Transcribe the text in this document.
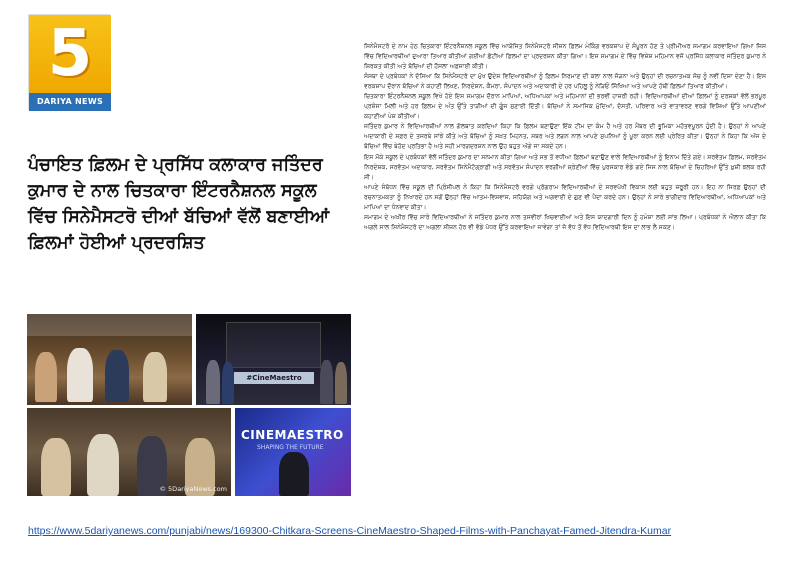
5
DARIYA NEWS
ਪੰਚਾਇਤ ਫ਼ਿਲਮ ਦੇ ਪ੍ਰਸਿੱਧ ਕਲਾਕਾਰ ਜਤਿੰਦਰ ਕੁਮਾਰ ਦੇ ਨਾਲ ਚਿਤਕਾਰਾ ਇੰਟਰਨੈਸ਼ਨਲ ਸਕੂਲ ਵਿੱਚ ਸਿਨੇਮੈਸਟਰੋ ਦੀਆਂ ਬੱਚਿਆਂ ਵੱਲੋਂ ਬਣਾਈਆਂ ਫ਼ਿਲਮਾਂ ਹੋਈਆਂ ਪ੍ਰਦਰਸ਼ਿਤ
#CineMaestro
© 5DariyaNews.com
CINEMAESTRO
SHAPING THE FUTURE

ਸਿਨੇਮੈਸਟਰੋ ਦੇ ਨਾਮ ਹੇਠ ਚਿਤਕਾਰਾ ਇੰਟਰਨੈਸ਼ਨਲ ਸਕੂਲ ਵਿੱਚ ਆਯੋਜਿਤ ਸਿਨੇਮੈਸਟਰੋ ਸੀਜ਼ਨ ਫ਼ਿਲਮ ਮੇਕਿੰਗ ਵਰਕਸ਼ਾਪ ਦੇ ਸੰਪੂਰਨ ਹੋਣ ਤੇ ਪ੍ਰੀਮੀਅਰ ਸਮਾਗਮ ਕਰਵਾਇਆ ਗਿਆ ਜਿਸ ਵਿੱਚ ਵਿਦਿਆਰਥੀਆਂ ਦੁਆਰਾ ਤਿਆਰ ਕੀਤੀਆਂ ਗਈਆਂ ਛੋਟੀਆਂ ਫ਼ਿਲਮਾਂ ਦਾ ਪ੍ਰਦਰਸ਼ਨ ਕੀਤਾ ਗਿਆ। ਇਸ ਸਮਾਗਮ ਦੇ ਵਿੱਚ ਵਿਸ਼ੇਸ਼ ਮਹਿਮਾਨ ਵਜੋਂ ਪ੍ਰਸਿੱਧ ਕਲਾਕਾਰ ਜਤਿੰਦਰ ਕੁਮਾਰ ਨੇ ਸ਼ਿਰਕਤ ਕੀਤੀ ਅਤੇ ਬੱਚਿਆਂ ਦੀ ਹੌਸਲਾ ਅਫ਼ਜ਼ਾਈ ਕੀਤੀ।

ਸੰਸਥਾ ਦੇ ਪ੍ਰਬੰਧਕਾਂ ਨੇ ਦੱਸਿਆ ਕਿ ਸਿਨੇਮੈਸਟਰੋ ਦਾ ਮੁੱਖ ਉਦੇਸ਼ ਵਿਦਿਆਰਥੀਆਂ ਨੂੰ ਫ਼ਿਲਮ ਨਿਰਮਾਣ ਦੀ ਕਲਾ ਨਾਲ ਜੋੜਨਾ ਅਤੇ ਉਨ੍ਹਾਂ ਦੀ ਰਚਨਾਤਮਕ ਸੋਚ ਨੂੰ ਨਵੀਂ ਦਿਸ਼ਾ ਦੇਣਾ ਹੈ। ਇਸ ਵਰਕਸ਼ਾਪ ਦੌਰਾਨ ਬੱਚਿਆਂ ਨੇ ਕਹਾਣੀ ਲਿਖਣ, ਨਿਰਦੇਸ਼ਨ, ਕੈਮਰਾ, ਸੰਪਾਦਨ ਅਤੇ ਅਦਾਕਾਰੀ ਦੇ ਹਰ ਪਹਿਲੂ ਨੂੰ ਨੇੜਿਓਂ ਸਿੱਖਿਆ ਅਤੇ ਆਪਣੇ ਹੱਥੀਂ ਫ਼ਿਲਮਾਂ ਤਿਆਰ ਕੀਤੀਆਂ।

ਚਿਤਕਾਰਾ ਇੰਟਰਨੈਸ਼ਨਲ ਸਕੂਲ ਵਿਖੇ ਹੋਏ ਇਸ ਸਮਾਗਮ ਦੌਰਾਨ ਮਾਪਿਆਂ, ਅਧਿਆਪਕਾਂ ਅਤੇ ਮਹਿਮਾਨਾਂ ਦੀ ਭਰਵੀਂ ਹਾਜ਼ਰੀ ਰਹੀ। ਵਿਦਿਆਰਥੀਆਂ ਦੀਆਂ ਫ਼ਿਲਮਾਂ ਨੂੰ ਦਰਸ਼ਕਾਂ ਵੱਲੋਂ ਭਰਪੂਰ ਪ੍ਰਸ਼ੰਸਾ ਮਿਲੀ ਅਤੇ ਹਰ ਫ਼ਿਲਮ ਦੇ ਅੰਤ ਉੱਤੇ ਤਾੜੀਆਂ ਦੀ ਗੂੰਜ ਸੁਣਾਈ ਦਿੱਤੀ। ਬੱਚਿਆਂ ਨੇ ਸਮਾਜਿਕ ਮੁੱਦਿਆਂ, ਦੋਸਤੀ, ਪਰਿਵਾਰ ਅਤੇ ਵਾਤਾਵਰਣ ਵਰਗੇ ਵਿਸ਼ਿਆਂ ਉੱਤੇ ਆਪਣੀਆਂ ਕਹਾਣੀਆਂ ਪੇਸ਼ ਕੀਤੀਆਂ।

ਜਤਿੰਦਰ ਕੁਮਾਰ ਨੇ ਵਿਦਿਆਰਥੀਆਂ ਨਾਲ ਗੱਲਬਾਤ ਕਰਦਿਆਂ ਕਿਹਾ ਕਿ ਫ਼ਿਲਮ ਬਣਾਉਣਾ ਇੱਕ ਟੀਮ ਦਾ ਕੰਮ ਹੈ ਅਤੇ ਹਰ ਮੈਂਬਰ ਦੀ ਭੂਮਿਕਾ ਮਹੱਤਵਪੂਰਨ ਹੁੰਦੀ ਹੈ। ਉਨ੍ਹਾਂ ਨੇ ਆਪਣੇ ਅਦਾਕਾਰੀ ਦੇ ਸਫ਼ਰ ਦੇ ਤਜਰਬੇ ਸਾਂਝੇ ਕੀਤੇ ਅਤੇ ਬੱਚਿਆਂ ਨੂੰ ਸਖ਼ਤ ਮਿਹਨਤ, ਸਬਰ ਅਤੇ ਲਗਨ ਨਾਲ ਆਪਣੇ ਸੁਪਨਿਆਂ ਨੂੰ ਪੂਰਾ ਕਰਨ ਲਈ ਪ੍ਰੇਰਿਤ ਕੀਤਾ। ਉਨ੍ਹਾਂ ਨੇ ਕਿਹਾ ਕਿ ਅੱਜ ਦੇ ਬੱਚਿਆਂ ਵਿੱਚ ਬੇਹੱਦ ਪ੍ਰਤਿਭਾ ਹੈ ਅਤੇ ਸਹੀ ਮਾਰਗਦਰਸ਼ਨ ਨਾਲ ਉਹ ਬਹੁਤ ਅੱਗੇ ਜਾ ਸਕਦੇ ਹਨ।

ਇਸ ਮੌਕੇ ਸਕੂਲ ਦੇ ਪ੍ਰਬੰਧਕਾਂ ਵੱਲੋਂ ਜਤਿੰਦਰ ਕੁਮਾਰ ਦਾ ਸਨਮਾਨ ਕੀਤਾ ਗਿਆ ਅਤੇ ਸਭ ਤੋਂ ਵਧੀਆ ਫ਼ਿਲਮਾਂ ਬਣਾਉਣ ਵਾਲੇ ਵਿਦਿਆਰਥੀਆਂ ਨੂੰ ਇਨਾਮ ਦਿੱਤੇ ਗਏ। ਸਰਵੋਤਮ ਫ਼ਿਲਮ, ਸਰਵੋਤਮ ਨਿਰਦੇਸ਼ਕ, ਸਰਵੋਤਮ ਅਦਾਕਾਰ, ਸਰਵੋਤਮ ਸਿਨੇਮੈਟੋਗ੍ਰਾਫ਼ੀ ਅਤੇ ਸਰਵੋਤਮ ਸੰਪਾਦਨ ਵਰਗੀਆਂ ਸ਼੍ਰੇਣੀਆਂ ਵਿੱਚ ਪੁਰਸਕਾਰ ਵੰਡੇ ਗਏ ਜਿਸ ਨਾਲ ਬੱਚਿਆਂ ਦੇ ਚਿਹਰਿਆਂ ਉੱਤੇ ਖ਼ੁਸ਼ੀ ਝਲਕ ਰਹੀ ਸੀ।

ਆਪਣੇ ਸੰਬੋਧਨ ਵਿੱਚ ਸਕੂਲ ਦੀ ਪ੍ਰਿੰਸੀਪਲ ਨੇ ਕਿਹਾ ਕਿ ਸਿਨੇਮੈਸਟਰੋ ਵਰਗੇ ਪ੍ਰੋਗਰਾਮ ਵਿਦਿਆਰਥੀਆਂ ਦੇ ਸਰਵਪੱਖੀ ਵਿਕਾਸ ਲਈ ਬਹੁਤ ਜ਼ਰੂਰੀ ਹਨ। ਇਹ ਨਾ ਸਿਰਫ਼ ਉਨ੍ਹਾਂ ਦੀ ਰਚਨਾਤਮਕਤਾ ਨੂੰ ਨਿਖਾਰਦੇ ਹਨ ਸਗੋਂ ਉਨ੍ਹਾਂ ਵਿੱਚ ਆਤਮ-ਵਿਸ਼ਵਾਸ, ਸਹਿਯੋਗ ਅਤੇ ਅਗਵਾਈ ਦੇ ਗੁਣ ਵੀ ਪੈਦਾ ਕਰਦੇ ਹਨ। ਉਨ੍ਹਾਂ ਨੇ ਸਾਰੇ ਭਾਗੀਦਾਰ ਵਿਦਿਆਰਥੀਆਂ, ਅਧਿਆਪਕਾਂ ਅਤੇ ਮਾਪਿਆਂ ਦਾ ਧੰਨਵਾਦ ਕੀਤਾ।

ਸਮਾਗਮ ਦੇ ਅਖ਼ੀਰ ਵਿੱਚ ਸਾਰੇ ਵਿਦਿਆਰਥੀਆਂ ਨੇ ਜਤਿੰਦਰ ਕੁਮਾਰ ਨਾਲ ਤਸਵੀਰਾਂ ਖਿਚਵਾਈਆਂ ਅਤੇ ਇਸ ਯਾਦਗਾਰੀ ਦਿਨ ਨੂੰ ਹਮੇਸ਼ਾ ਲਈ ਸਾਂਭ ਲਿਆ। ਪ੍ਰਬੰਧਕਾਂ ਨੇ ਐਲਾਨ ਕੀਤਾ ਕਿ ਅਗਲੇ ਸਾਲ ਸਿਨੇਮੈਸਟਰੋ ਦਾ ਅਗਲਾ ਸੀਜ਼ਨ ਹੋਰ ਵੀ ਵੱਡੇ ਪੱਧਰ ਉੱਤੇ ਕਰਵਾਇਆ ਜਾਵੇਗਾ ਤਾਂ ਜੋ ਵੱਧ ਤੋਂ ਵੱਧ ਵਿਦਿਆਰਥੀ ਇਸ ਦਾ ਲਾਭ ਲੈ ਸਕਣ।

https://www.5dariyanews.com/punjabi/news/169300-Chitkara-Screens-CineMaestro-Shaped-Films-with-Panchayat-Famed-Jitendra-Kumar
